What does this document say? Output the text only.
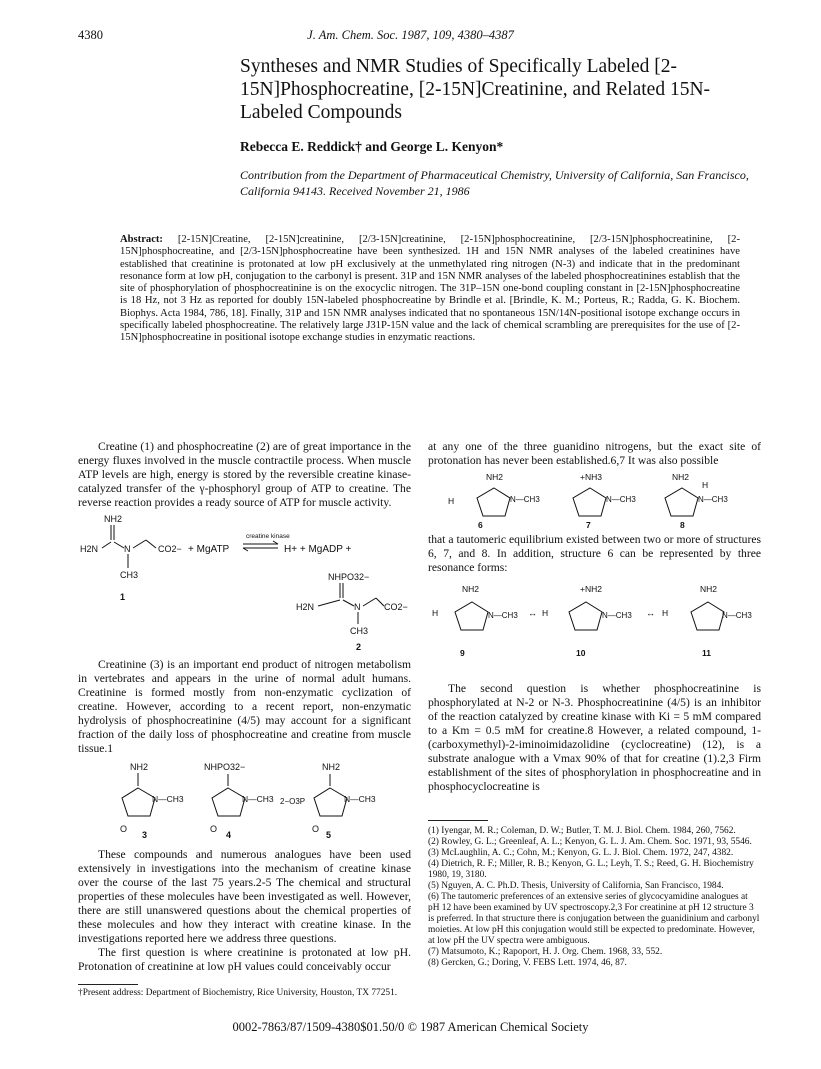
4380	J. Am. Chem. Soc. 1987, 109, 4380–4387
Syntheses and NMR Studies of Specifically Labeled [2-15N]Phosphocreatine, [2-15N]Creatinine, and Related 15N-Labeled Compounds
Rebecca E. Reddick† and George L. Kenyon*
Contribution from the Department of Pharmaceutical Chemistry, University of California, San Francisco, California 94143. Received November 21, 1986
Abstract: [2-15N]Creatine, [2-15N]creatinine, [2/3-15N]creatinine, [2-15N]phosphocreatinine, [2/3-15N]phosphocreatinine, [2-15N]phosphocreatine, and [2/3-15N]phosphocreatine have been synthesized. 1H and 15N NMR analyses of the labeled creatinines have established that creatinine is protonated at low pH exclusively at the unmethylated ring nitrogen (N-3) and indicate that in the predominant resonance form at low pH, conjugation to the carbonyl is present. 31P and 15N NMR analyses of the labeled phosphocreatinines establish that the site of phosphorylation of phosphocreatinine is on the exocyclic nitrogen. The 31P–15N one-bond coupling constant in [2-15N]phosphocreatine is 18 Hz, not 3 Hz as reported for doubly 15N-labeled phosphocreatine by Brindle et al. [Brindle, K. M.; Porteus, R.; Radda, G. K. Biochem. Biophys. Acta 1984, 786, 18]. Finally, 31P and 15N NMR analyses indicated that no spontaneous 15N/14N-positional isotope exchange occurs in specifically labeled phosphocreatine. The relatively large J31P-15N value and the lack of chemical scrambling are prerequisites for the use of [2-15N]phosphocreatine in positional isotope exchange studies in enzymatic reactions.

Creatine (1) and phosphocreatine (2) are of great importance in the energy fluxes involved in the muscle contractile process. When muscle ATP levels are high, energy is stored by the reversible creatine kinase-catalyzed transfer of the γ-phosphoryl group of ATP to creatine. The reverse reaction provides a ready source of ATP for muscle activity.

NH2
H2N	N	CO2−
CH3
+ MgATP
creatine kinase
H+ + MgADP +
1
NHPO32−
H2N	N	CO2−
CH3
2

Creatinine (3) is an important end product of nitrogen metabolism in vertebrates and appears in the urine of normal adult humans. Creatinine is formed mostly from non-enzymatic cyclization of creatine. However, according to a recent report, non-enzymatic hydrolysis of phosphocreatinine (4/5) may account for a significant fraction of the daily loss of phosphocreatine and creatine from muscle tissue.1

NH2
N—CH3
O
3
NHPO32−
N—CH3
O
4
NH2
2−O3P	N—CH3
O
5

These compounds and numerous analogues have been used extensively in investigations into the mechanism of creatine kinase over the course of the last 75 years.2-5 The chemical and structural properties of these molecules have been investigated as well. However, there are still unanswered questions about the chemical properties of these molecules and how they interact with creatine kinase. In the investigations reported here we address three questions.

The first question is where creatinine is protonated at low pH. Protonation of creatinine at low pH values could conceivably occur

†Present address: Department of Biochemistry, Rice University, Houston, TX 77251.

at any one of the three guanidino nitrogens, but the exact site of protonation has never been established.6,7 It was also possible

NH2
H	N—CH3
6
+NH3
N—CH3
7
NH2
H
N—CH3
8

that a tautomeric equilibrium existed between two or more of structures 6, 7, and 8. In addition, structure 6 can be represented by three resonance forms:

NH2
H	N—CH3
9
↔
+NH2
H	N—CH3
10
↔
NH2
H	N—CH3
11

The second question is whether phosphocreatinine is phosphorylated at N-2 or N-3. Phosphocreatinine (4/5) is an inhibitor of the reaction catalyzed by creatine kinase with Ki = 5 mM compared to a Km = 0.5 mM for creatine.8 However, a related compound, 1-(carboxymethyl)-2-iminoimidazolidine (cyclocreatine) (12), is a substrate analogue with a Vmax 90% of that for creatine (1).2,3 Firm establishment of the sites of phosphorylation in phosphocreatine and in phosphocyclocreatine is

(1) Iyengar, M. R.; Coleman, D. W.; Butler, T. M. J. Biol. Chem. 1984, 260, 7562.
(2) Rowley, G. L.; Greenleaf, A. L.; Kenyon, G. L. J. Am. Chem. Soc. 1971, 93, 5546.
(3) McLaughlin, A. C.; Cohn, M.; Kenyon, G. L. J. Biol. Chem. 1972, 247, 4382.
(4) Dietrich, R. F.; Miller, R. B.; Kenyon, G. L.; Leyh, T. S.; Reed, G. H. Biochemistry 1980, 19, 3180.
(5) Nguyen, A. C. Ph.D. Thesis, University of California, San Francisco, 1984.
(6) The tautomeric preferences of an extensive series of glycocyamidine analogues at pH 12 have been examined by UV spectroscopy.2,3 For creatinine at pH 12 structure 3 is preferred. In that structure there is conjugation between the guanidinium and carbonyl moieties. At low pH this conjugation would still be expected to predominate. However, at low pH the UV spectra were ambiguous.
(7) Matsumoto, K.; Rapoport, H. J. Org. Chem. 1968, 33, 552.
(8) Gercken, G.; Doring, V. FEBS Lett. 1974, 46, 87.
0002-7863/87/1509-4380$01.50/0 © 1987 American Chemical Society
